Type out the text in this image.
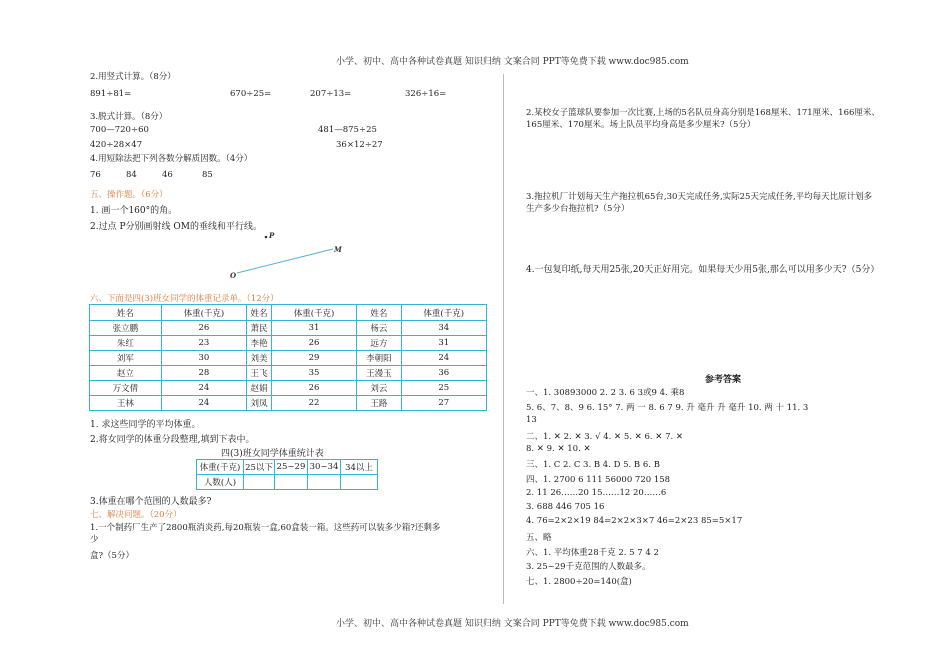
小学、初中、高中各种试卷真题 知识归纳 文案合同 PPT等免费下载 www.doc985.com
小学、初中、高中各种试卷真题 知识归纳 文案合同 PPT等免费下载 www.doc985.com
2.用竖式计算。（8分）
891÷81=	670÷25=	207÷13=	326÷16=
3.脱式计算。（8分）
700—720÷60	481—875÷25
420÷28×47	36×12÷27
4.用短除法把下列各数分解质因数。（4分）
76	84	46	85
五、操作题。（6分）
1. 画一个160°的角。
2.过点 P分别画射线 OM的垂线和平行线。
P
O
M
六、下面是四(3)班女同学的体重记录单。（12分）
姓名	体重(千克)	姓名	体重(千克)	姓名	体重(千克)
张立鹏	26	萧民	31	杨云	34
朱红	23	李艳	26	远方	31
刘军	30	刘美	29	李朝阳	24
赵立	28	王飞	35	王漫玉	36
万文倩	24	赵娟	26	刘云	25
王林	24	刘凤	22	王路	27
1. 求这些同学的平均体重。
2.将女同学的体重分段整理,填到下表中。
四(3)班女同学体重统计表
体重(千克)	25以下	25~29	30~34	34以上
人数(人)				
3.体重在哪个范围的人数最多?
七、解决问题。（20分）
1.一个制药厂生产了2800瓶消炎药,每20瓶装一盒,60盒装一箱。这些药可以装多少箱?还剩多
少
盒?（5分）
2.某校女子篮球队要参加一次比赛,上场的5名队员身高分别是168厘米、171厘米、166厘米、
165厘米、170厘米。场上队员平均身高是多少厘米?（5分）
3.拖拉机厂计划每天生产拖拉机65台,30天完成任务,实际25天完成任务,平均每天比原计划多
生产多少台拖拉机?（5分）
4.一包复印纸,每天用25张,20天正好用完。如果每天少用5张,那么可以用多少天?（5分）
参考答案
一、1. 30893000 2. 2 3. 6 3或9 4. 乘8
5. 6、7、8、9 6. 15° 7. 两 一 8. 6 7 9. 升 毫升 升 毫升 10. 两 十 11. 3
13
二、1. ✕ 2. ✕ 3. √ 4. ✕ 5. ✕ 6. ✕ 7. ✕
8. ✕ 9. ✕ 10. ✕
三、1. C 2. C 3. B 4. D 5. B 6. B
四、1. 2700 6 111 56000 720 158
2. 11 26……20 15……12 20……6
3. 688 446 705 16
4. 76=2×2×19 84=2×2×3×7 46=2×23 85=5×17
五、略
六、1. 平均体重28千克 2. 5 7 4 2
3. 25~29千克范围的人数最多。
七、1. 2800÷20=140(盒)
